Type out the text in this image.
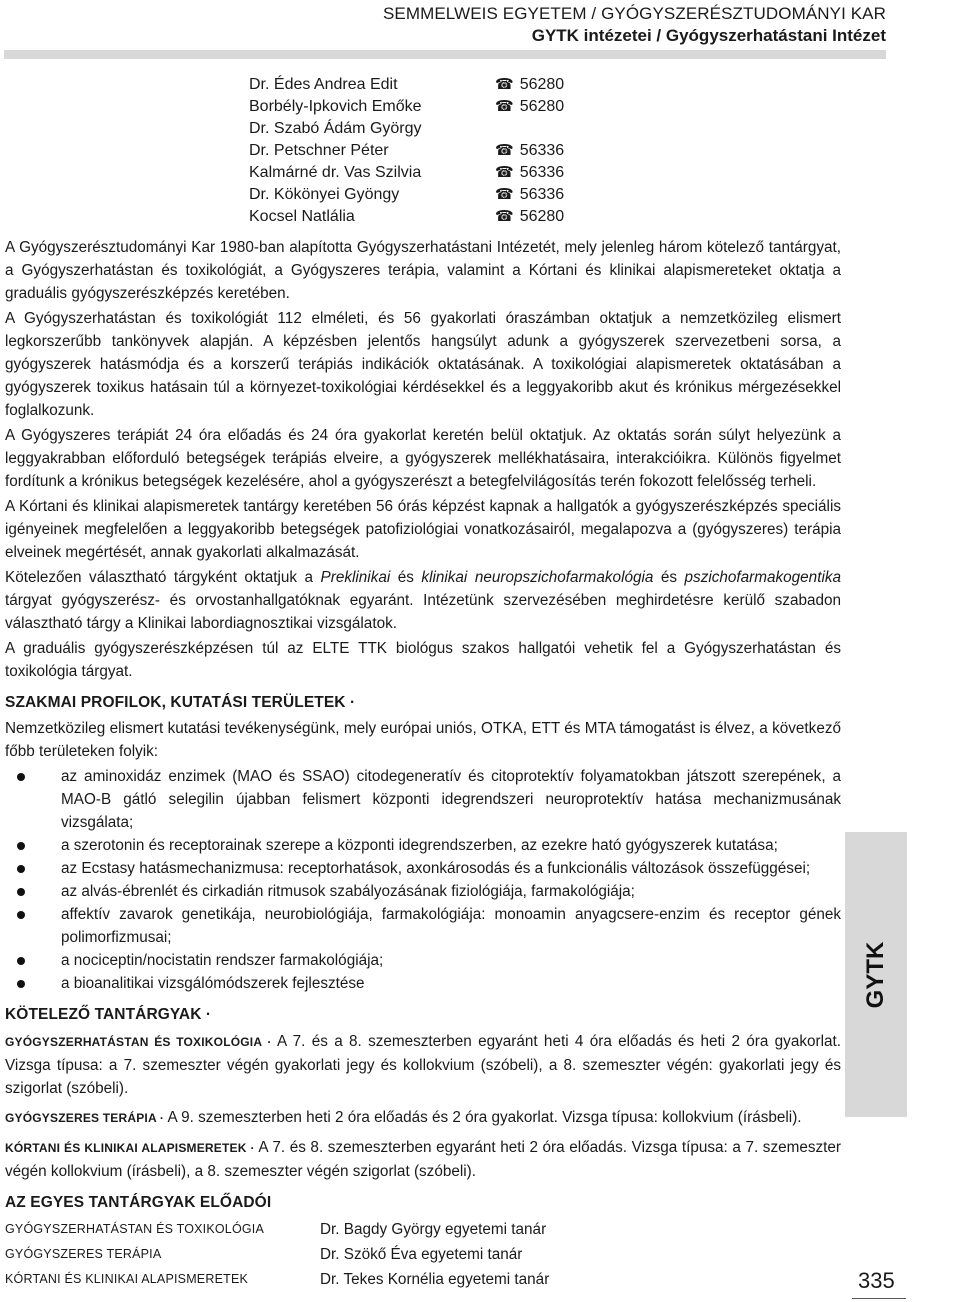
SEMMELWEIS EGYETEM / GYÓGYSZERÉSZTUDOMÁNYI KAR
GYTK intézetei / Gyógyszerhatástani Intézet
Dr. Édes Andrea Edit	☎ 56280
Borbély-Ipkovich Emőke	☎ 56280
Dr. Szabó Ádám György
Dr. Petschner Péter	☎ 56336
Kalmárné dr. Vas Szilvia	☎ 56336
Dr. Kökönyei Gyöngy	☎ 56336
Kocsel Natlália	☎ 56280

A Gyógyszerésztudományi Kar 1980-ban alapította Gyógyszerhatástani Intézetét, mely jelenleg három kötelező tantárgyat, a Gyógyszerhatástan és toxikológiát, a Gyógyszeres terápia, valamint a Kórtani és klinikai alapismereteket oktatja a graduális gyógyszerészképzés keretében.

A Gyógyszerhatástan és toxikológiát 112 elméleti, és 56 gyakorlati óraszámban oktatjuk a nemzetközileg elismert legkorszerűbb tankönyvek alapján. A képzésben jelentős hangsúlyt adunk a gyógyszerek szervezetbeni sorsa, a gyógyszerek hatásmódja és a korszerű terápiás indikációk oktatásának. A toxikológiai alapismeretek oktatásában a gyógyszerek toxikus hatásain túl a környezet-toxikológiai kérdésekkel és a leggyakoribb akut és krónikus mérgezésekkel foglalkozunk.

A Gyógyszeres terápiát 24 óra előadás és 24 óra gyakorlat keretén belül oktatjuk. Az oktatás során súlyt helyezünk a leggyakrabban előforduló betegségek terápiás elveire, a gyógyszerek mellékhatásaira, interakcióikra. Különös figyelmet fordítunk a krónikus betegségek kezelésére, ahol a gyógyszerészt a betegfelvilágosítás terén fokozott felelősség terheli.

A Kórtani és klinikai alapismeretek tantárgy keretében 56 órás képzést kapnak a hallgatók a gyógyszerészképzés speciális igényeinek megfelelően a leggyakoribb betegségek patofiziológiai vonatkozásairól, megalapozva a (gyógyszeres) terápia elveinek megértését, annak gyakorlati alkalmazását.

Kötelezően választható tárgyként oktatjuk a Preklinikai és klinikai neuropszichofarmakológia és pszichofarmakogentika tárgyat gyógyszerész- és orvostanhallgatóknak egyaránt. Intézetünk szervezésében meghirdetésre kerülő szabadon választható tárgy a Klinikai labordiagnosztikai vizsgálatok.

A graduális gyógyszerészképzésen túl az ELTE TTK biológus szakos hallgatói vehetik fel a Gyógyszerhatástan és toxikológia tárgyat.

SZAKMAI PROFILOK, KUTATÁSI TERÜLETEK ·

Nemzetközileg elismert kutatási tevékenységünk, mely európai uniós, OTKA, ETT és MTA támogatást is élvez, a következő főbb területeken folyik:

az aminoxidáz enzimek (MAO és SSAO) citodegeneratív és citoprotektív folyamatokban játszott szerepének, a MAO-B gátló selegilin újabban felismert központi idegrendszeri neuroprotektív hatása mechanizmusának vizsgálata;
a szerotonin és receptorainak szerepe a központi idegrendszerben, az ezekre ható gyógyszerek kutatása;
az Ecstasy hatásmechanizmusa: receptorhatások, axonkárosodás és a funkcionális változások összefüggései;
az alvás-ébrenlét és cirkadián ritmusok szabályozásának fiziológiája, farmakológiája;
affektív zavarok genetikája, neurobiológiája, farmakológiája: monoamin anyagcsere-enzim és receptor gének polimorfizmusai;
a nociceptin/nocistatin rendszer farmakológiája;
a bioanalitikai vizsgálómódszerek fejlesztése
KÖTELEZŐ TANTÁRGYAK ·

GYÓGYSZERHATÁSTAN ÉS TOXIKOLÓGIA · A 7. és a 8. szemeszterben egyaránt heti 4 óra előadás és heti 2 óra gyakorlat. Vizsga típusa: a 7. szemeszter végén gyakorlati jegy és kollokvium (szóbeli), a 8. szemeszter végén: gyakorlati jegy és szigorlat (szóbeli).

GYÓGYSZERES TERÁPIA · A 9. szemeszterben heti 2 óra előadás és 2 óra gyakorlat. Vizsga típusa: kollokvium (írásbeli).

KÓRTANI ÉS KLINIKAI ALAPISMERETEK · A 7. és 8. szemeszterben egyaránt heti 2 óra előadás. Vizsga típusa: a 7. szemeszter végén kollokvium (írásbeli), a 8. szemeszter végén szigorlat (szóbeli).

AZ EGYES TANTÁRGYAK ELŐADÓI
GYÓGYSZERHATÁSTAN ÉS TOXIKOLÓGIA	Dr. Bagdy György egyetemi tanár
GYÓGYSZERES TERÁPIA	Dr. Szökő Éva egyetemi tanár
KÓRTANI ÉS KLINIKAI ALAPISMERETEK	Dr. Tekes Kornélia egyetemi tanár
GYTK
335
